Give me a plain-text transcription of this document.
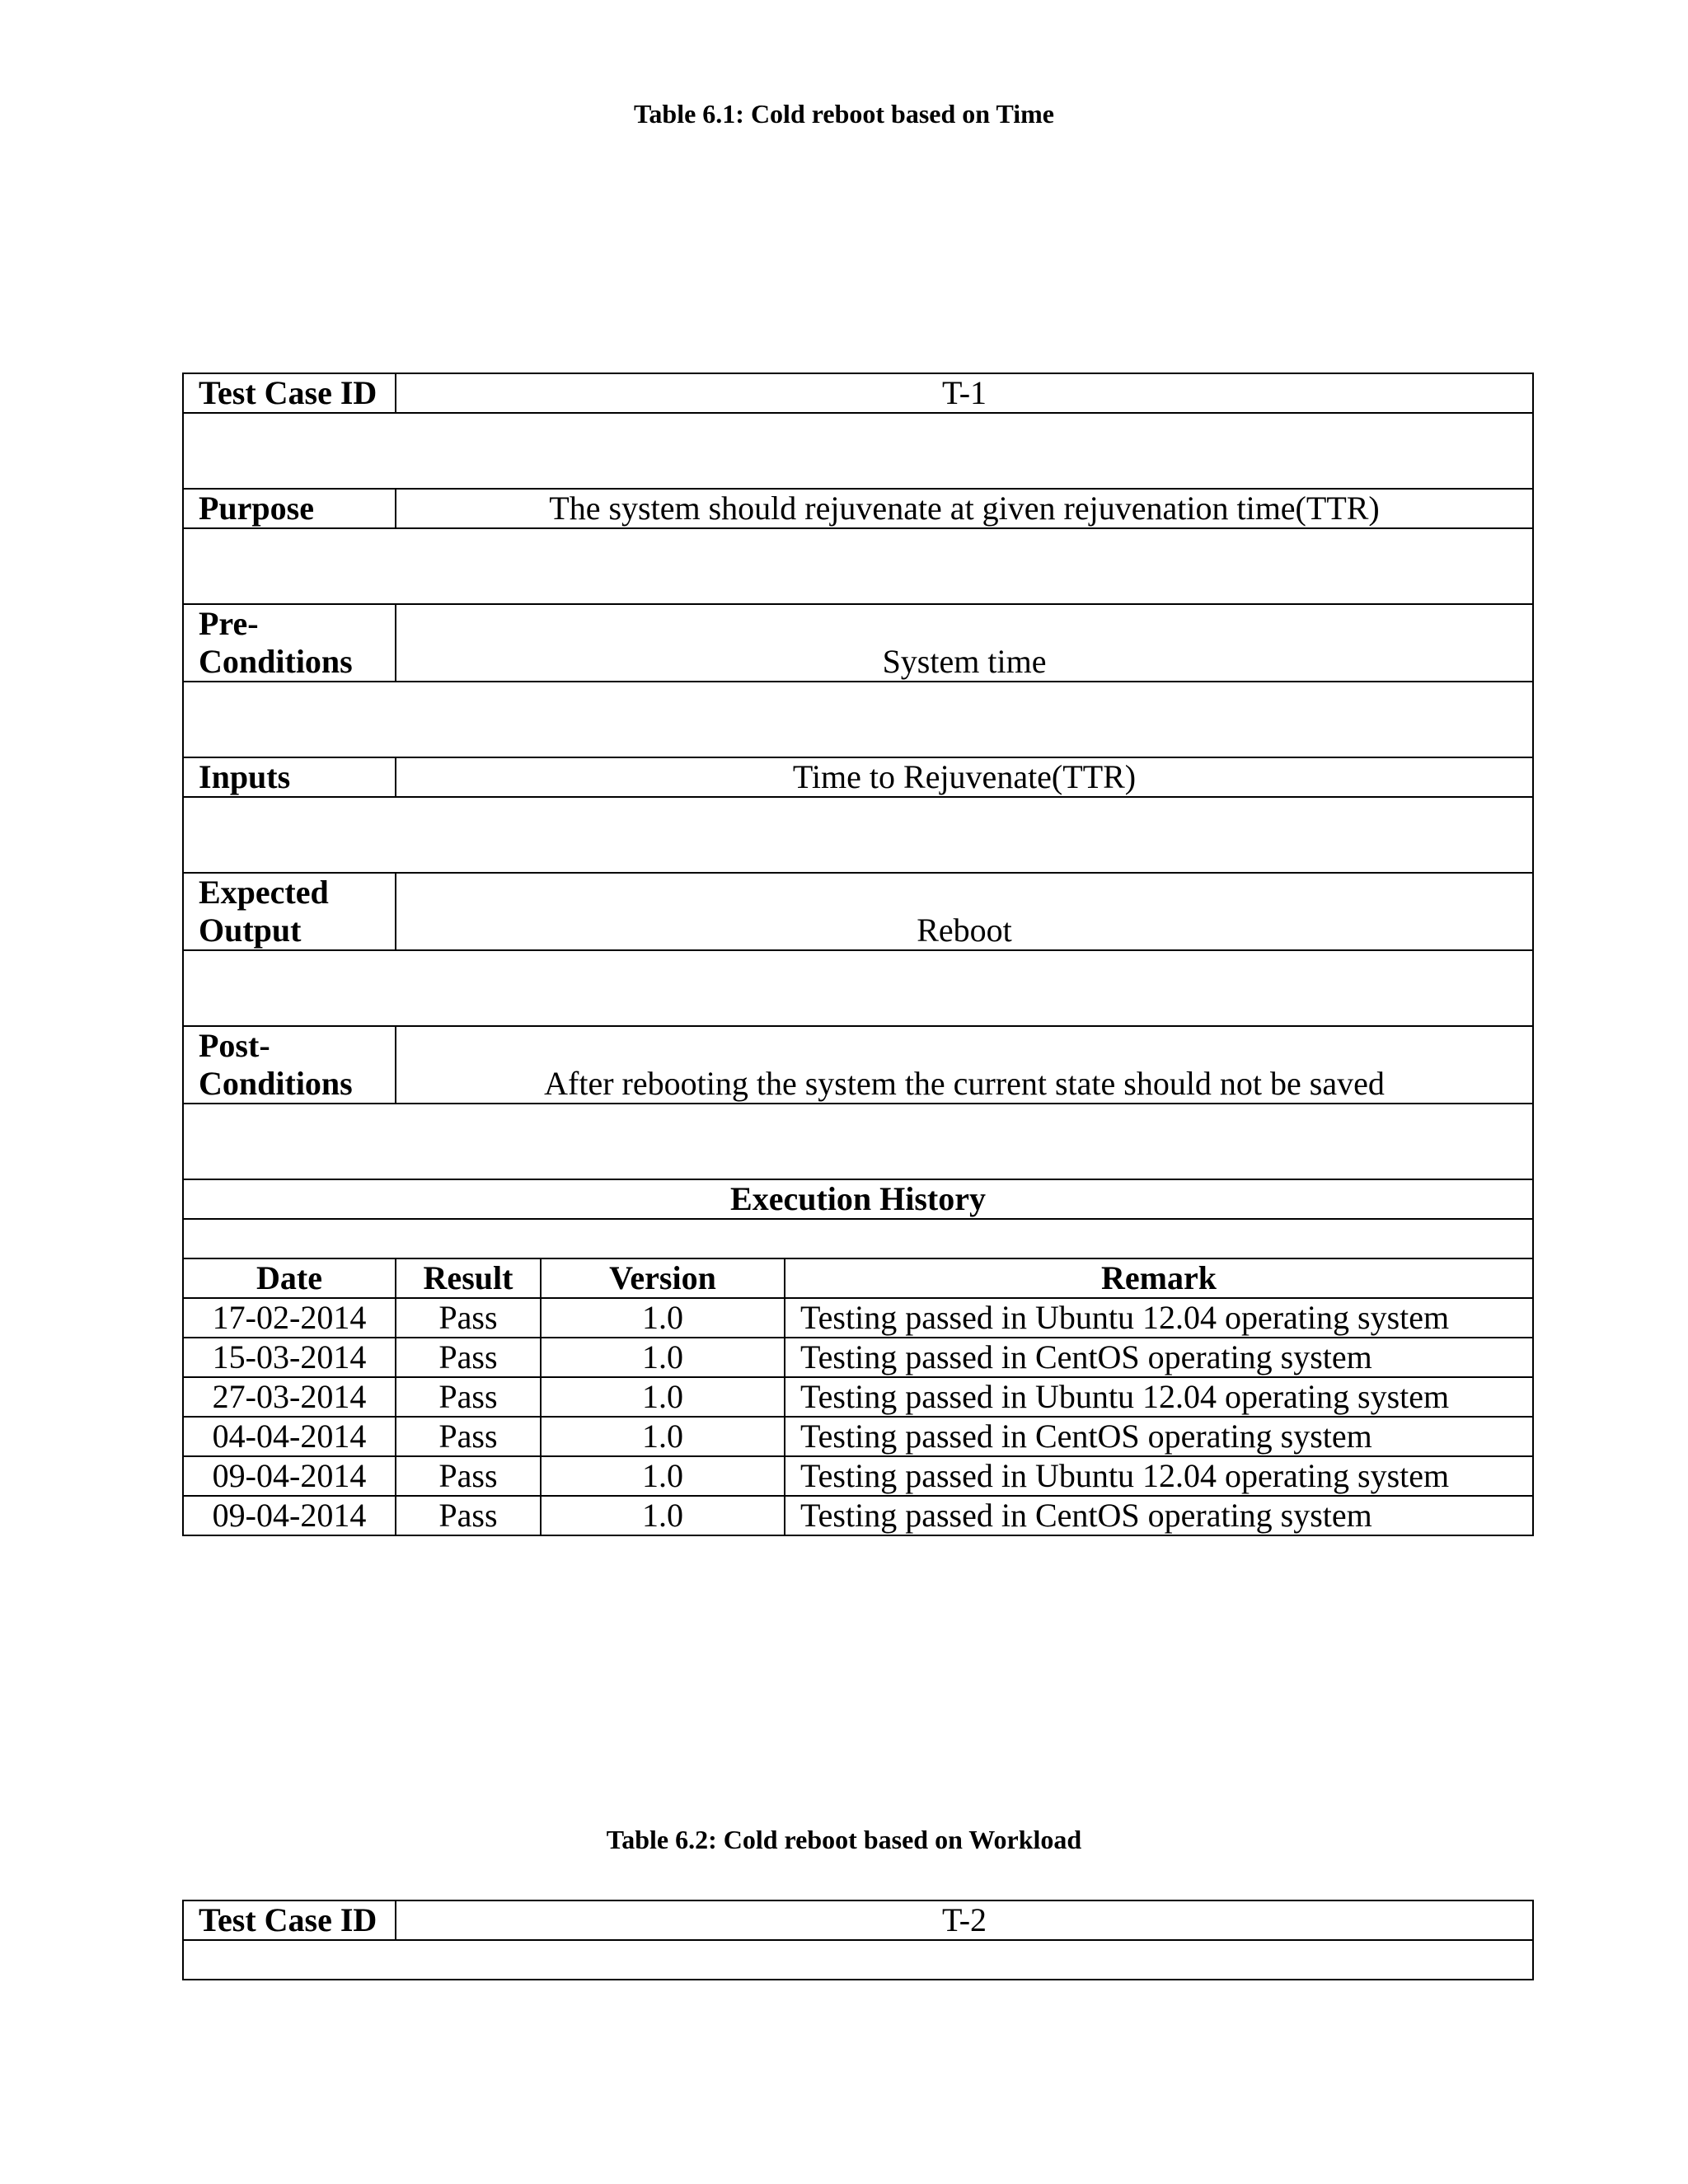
Table 6.1: Cold reboot based on Time
Test Case ID	T-1		

Purpose	The system should rejuvenate at given rejuvenation time(TTR)		

Pre-
Conditions	System time		

Inputs	Time to Rejuvenate(TTR)		

Expected
Output	Reboot		

Post-
Conditions	After rebooting the system the current state should not be saved		

Execution History			

Date	Result	Version	Remark
17-02-2014	Pass	1.0	Testing passed in Ubuntu 12.04 operating system
15-03-2014	Pass	1.0	Testing passed in CentOS operating system
27-03-2014	Pass	1.0	Testing passed in Ubuntu 12.04 operating system
04-04-2014	Pass	1.0	Testing passed in CentOS operating system
09-04-2014	Pass	1.0	Testing passed in Ubuntu 12.04 operating system
09-04-2014	Pass	1.0	Testing passed in CentOS operating system
Table 6.2: Cold reboot based on Workload
Test Case ID	T-2
